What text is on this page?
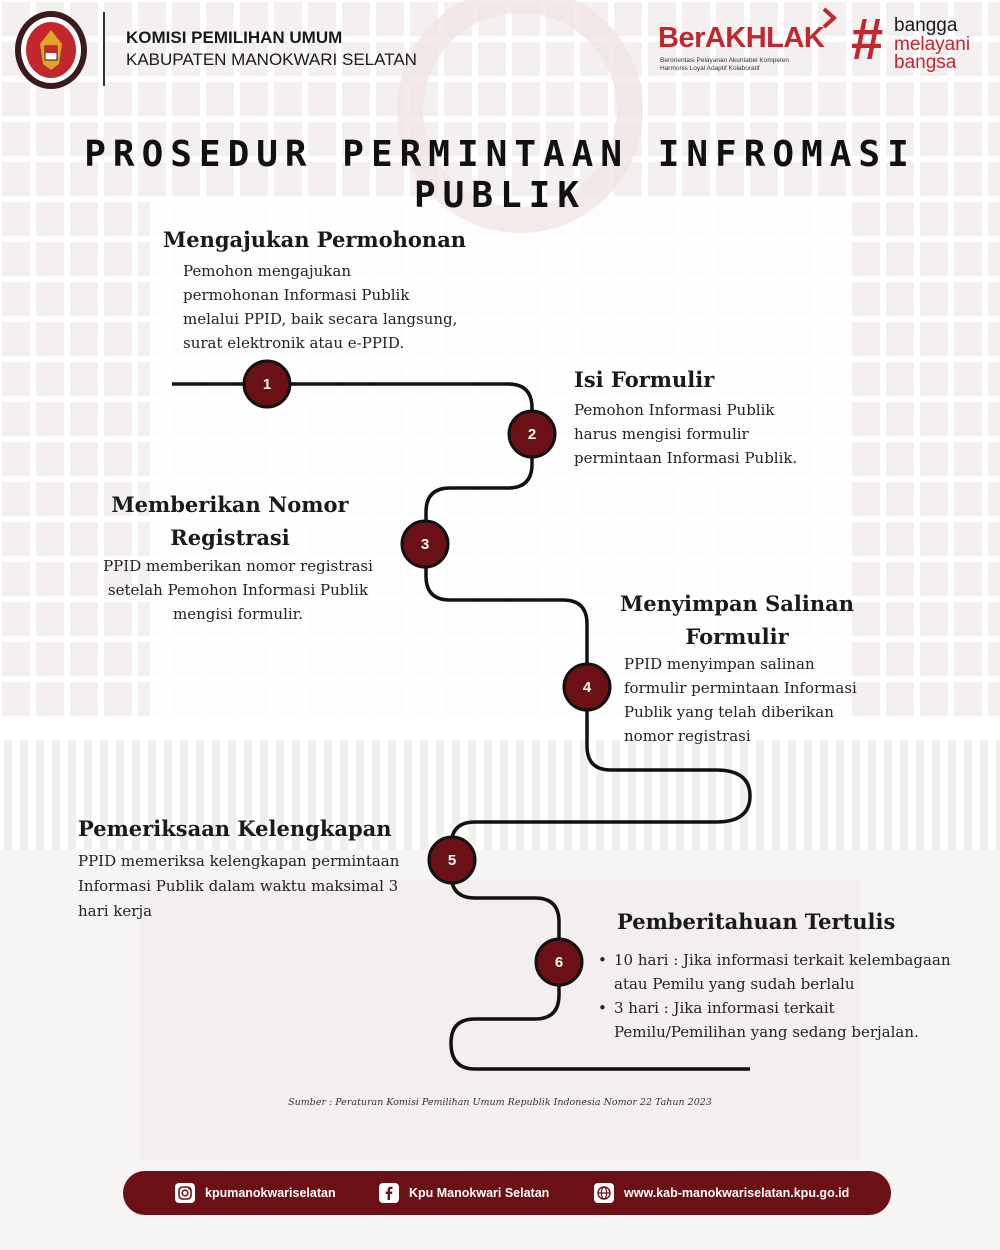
KOMISI PEMILIHAN UMUM
KABUPATEN MANOKWARI SELATAN
BerAKHLAK
Berorientasi Pelayanan Akuntabel Kompeten
Harmonis Loyal Adaptif Kolaboratif # bangga
melayani
bangsa
PROSEDUR PERMINTAAN INFROMASI PUBLIK
1
2
3
4
5
6
Mengajukan Permohonan
Pemohon mengajukan
permohonan Informasi Publik
melalui PPID, baik secara langsung,
surat elektronik atau e-PPID.
Isi Formulir
Pemohon Informasi Publik
harus mengisi formulir
permintaan Informasi Publik.
Memberikan Nomor
Registrasi
PPID memberikan nomor registrasi
setelah Pemohon Informasi Publik
mengisi formulir.	Menyimpan Salinan
Formulir
PPID menyimpan salinan
formulir permintaan Informasi
Publik yang telah diberikan
nomor registrasi
Pemeriksaan Kelengkapan
PPID memeriksa kelengkapan permintaan
Informasi Publik dalam waktu maksimal 3
hari kerja	Pemberitahuan Tertulis
• 10 hari : Jika informasi terkait kelembagaan
atau Pemilu yang sudah berlalu
• 3 hari : Jika informasi terkait
Pemilu/Pemilihan yang sedang berjalan.
Sumber : Peraturan Komisi Pemilihan Umum Republik Indonesia Nomor 22 Tahun 2023
kpumanokwariselatan	Kpu Manokwari Selatan	www.kab-manokwariselatan.kpu.go.id
